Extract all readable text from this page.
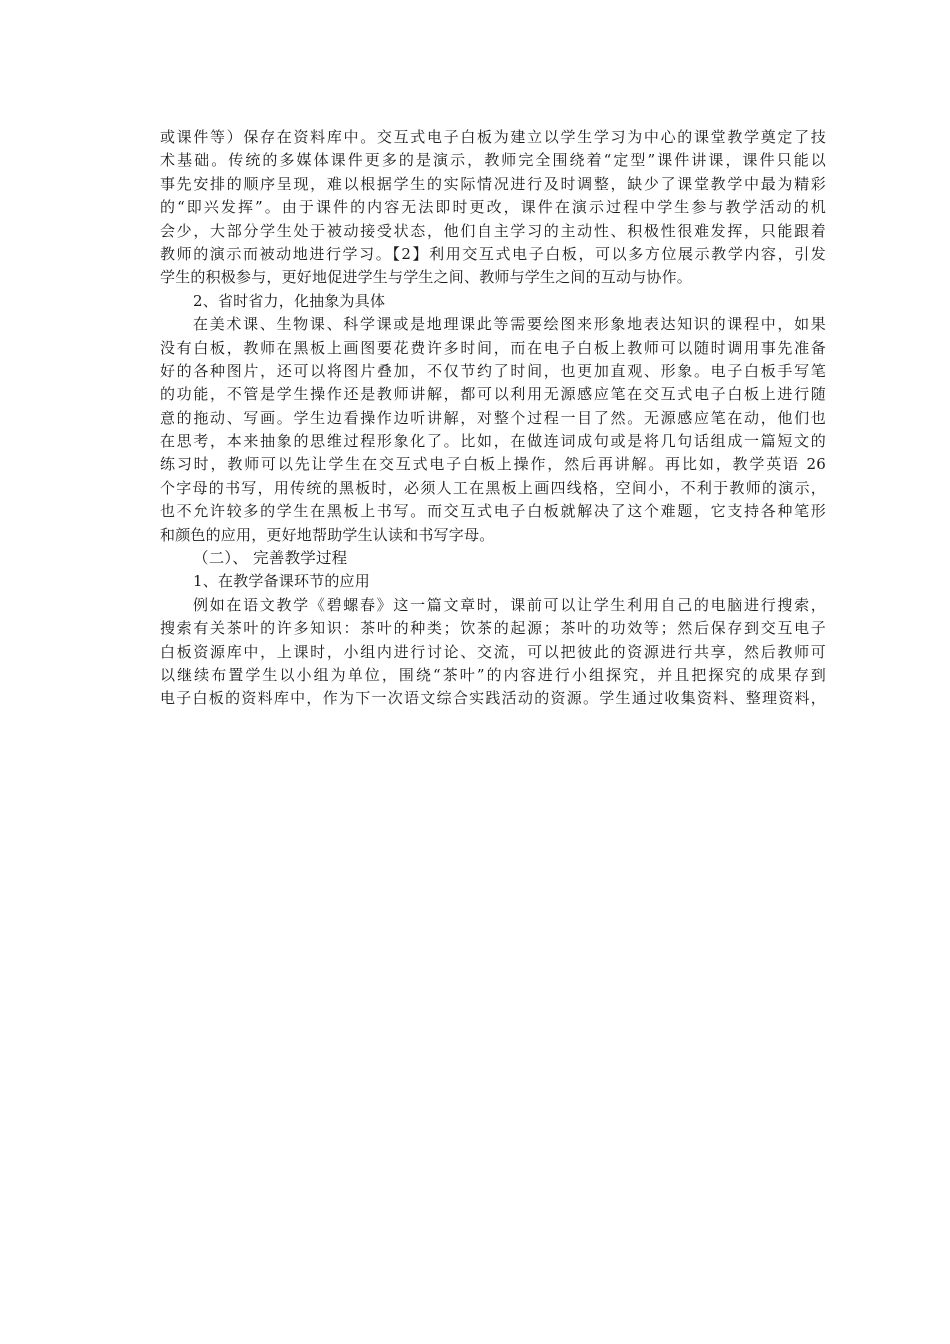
或课件等）保存在资料库中。交互式电子白板为建立以学生学习为中心的课堂教学奠定了技
术基础。传统的多媒体课件更多的是演示，教师完全围绕着“定型”课件讲课，课件只能以
事先安排的顺序呈现，难以根据学生的实际情况进行及时调整，缺少了课堂教学中最为精彩
的“即兴发挥”。由于课件的内容无法即时更改，课件在演示过程中学生参与教学活动的机
会少，大部分学生处于被动接受状态，他们自主学习的主动性、积极性很难发挥，只能跟着
教师的演示而被动地进行学习。【2】利用交互式电子白板，可以多方位展示教学内容，引发
学生的积极参与，更好地促进学生与学生之间、教师与学生之间的互动与协作。
2、省时省力，化抽象为具体
在美术课、生物课、科学课或是地理课此等需要绘图来形象地表达知识的课程中，如果
没有白板，教师在黑板上画图要花费许多时间，而在电子白板上教师可以随时调用事先准备
好的各种图片，还可以将图片叠加，不仅节约了时间，也更加直观、形象。电子白板手写笔
的功能，不管是学生操作还是教师讲解，都可以利用无源感应笔在交互式电子白板上进行随
意的拖动、写画。学生边看操作边听讲解，对整个过程一目了然。无源感应笔在动，他们也
在思考，本来抽象的思维过程形象化了。比如，在做连词成句或是将几句话组成一篇短文的
练习时，教师可以先让学生在交互式电子白板上操作，然后再讲解。再比如，教学英语 26
个字母的书写，用传统的黑板时，必须人工在黑板上画四线格，空间小，不利于教师的演示，
也不允许较多的学生在黑板上书写。而交互式电子白板就解决了这个难题，它支持各种笔形
和颜色的应用，更好地帮助学生认读和书写字母。
（二）、 完善教学过程
1、在教学备课环节的应用
例如在语文教学《碧螺春》这一篇文章时，课前可以让学生利用自己的电脑进行搜索，
搜索有关茶叶的许多知识：茶叶的种类；饮茶的起源；茶叶的功效等；然后保存到交互电子
白板资源库中，上课时，小组内进行讨论、交流，可以把彼此的资源进行共享，然后教师可
以继续布置学生以小组为单位，围绕“茶叶”的内容进行小组探究，并且把探究的成果存到
电子白板的资料库中，作为下一次语文综合实践活动的资源。学生通过收集资料、整理资料，
